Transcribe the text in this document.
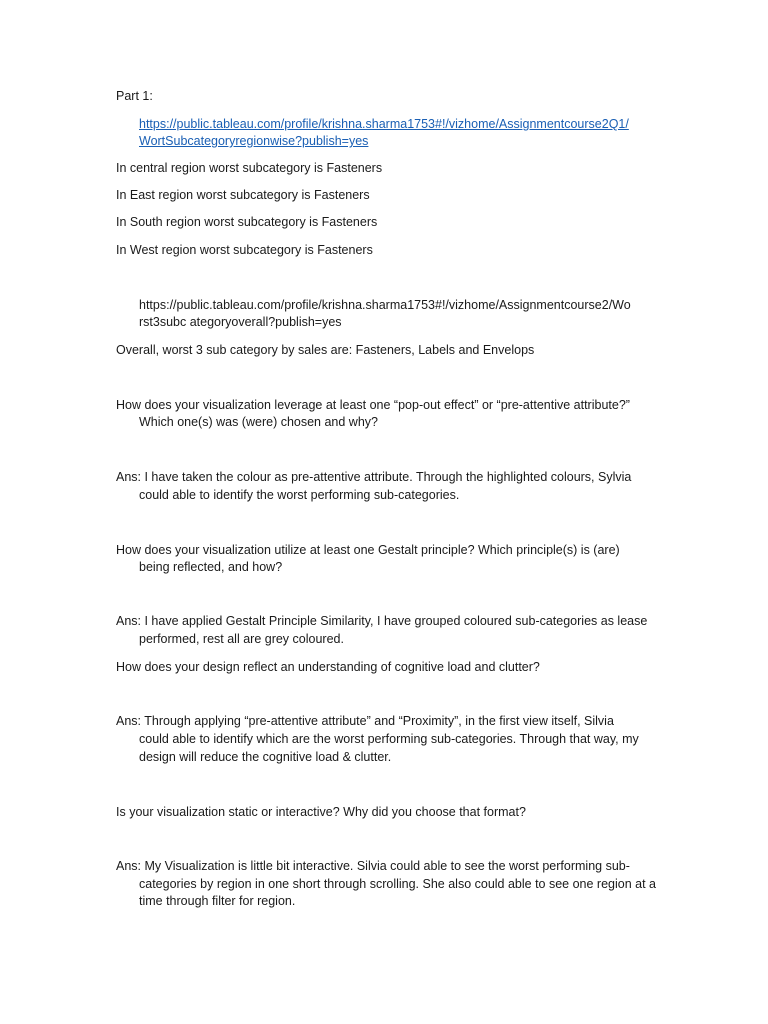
Part 1:
https://public.tableau.com/profile/krishna.sharma1753#!/vizhome/Assignmentcourse2Q1/
WortSubcategoryregionwise?publish=yes
In central region worst subcategory is Fasteners
In East region worst subcategory is Fasteners
In South region worst subcategory is Fasteners
In West region worst subcategory is Fasteners
https://public.tableau.com/profile/krishna.sharma1753#!/vizhome/Assignmentcourse2/Wo
rst3subc ategoryoverall?publish=yes
Overall, worst 3 sub category by sales are: Fasteners, Labels and Envelops
How does your visualization leverage at least one “pop-out effect” or “pre-attentive attribute?”
Which one(s) was (were) chosen and why?
Ans: I have taken the colour as pre-attentive attribute. Through the highlighted colours, Sylvia
could able to identify the worst performing sub-categories.
How does your visualization utilize at least one Gestalt principle? Which principle(s) is (are)
being reflected, and how?
Ans: I have applied Gestalt Principle Similarity, I have grouped coloured sub-categories as lease
performed, rest all are grey coloured.
How does your design reflect an understanding of cognitive load and clutter?
Ans: Through applying “pre-attentive attribute” and “Proximity”, in the first view itself, Silvia
could able to identify which are the worst performing sub-categories. Through that way, my
design will reduce the cognitive load & clutter.
Is your visualization static or interactive? Why did you choose that format?
Ans: My Visualization is little bit interactive. Silvia could able to see the worst performing sub-
categories by region in one short through scrolling. She also could able to see one region at a
time through filter for region.
